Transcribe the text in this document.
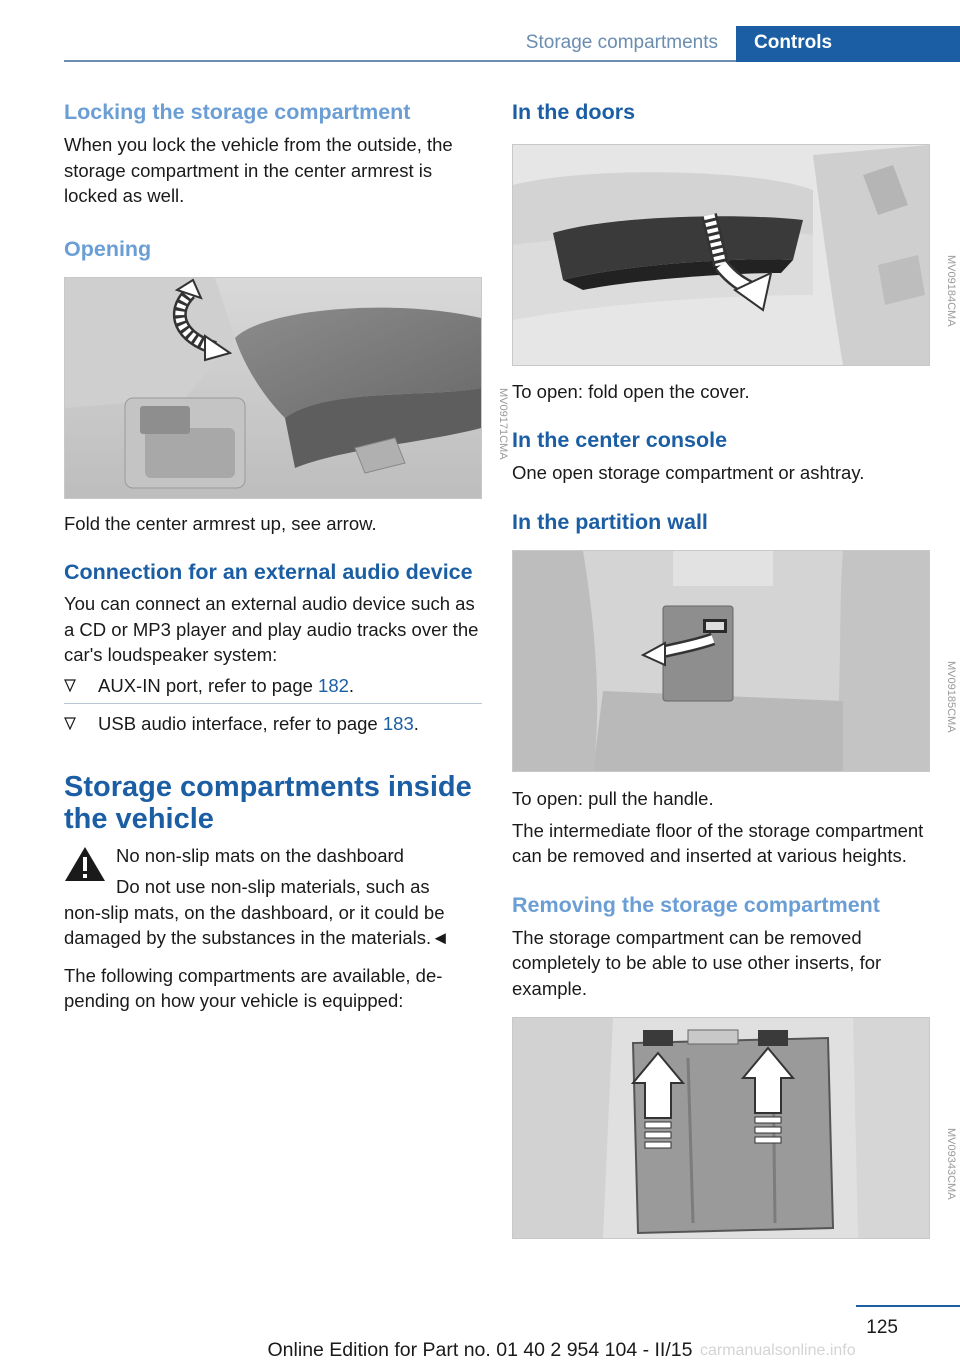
Storage compartments	Controls
Locking the storage compartment

When you lock the vehicle from the outside, the storage compartment in the center armrest is locked as well.

Opening
MV09171CMA

Fold the center armrest up, see arrow.

Connection for an external audio device

You can connect an external audio device such as a CD or MP3 player and play audio tracks over the car's loudspeaker system:

AUX-IN port, refer to page 182.
USB audio interface, refer to page 183.
Storage compartments inside the vehicle

No non-slip mats on the dashboard

Do not use non-slip materials, such as

non-slip mats, on the dashboard, or it could be damaged by the substances in the materials.◄

The following compartments are available, depending on how your vehicle is equipped:

In the doors
MV09184CMA

To open: fold open the cover.

In the center console

One open storage compartment or ashtray.

In the partition wall
MV09185CMA

To open: pull the handle.

The intermediate floor of the storage compartment can be removed and inserted at various heights.

Removing the storage compartment

The storage compartment can be removed completely to be able to use other inserts, for example.

MV09343CMA
125
carmanualsonline.info
Online Edition for Part no. 01 40 2 954 104 - II/15
